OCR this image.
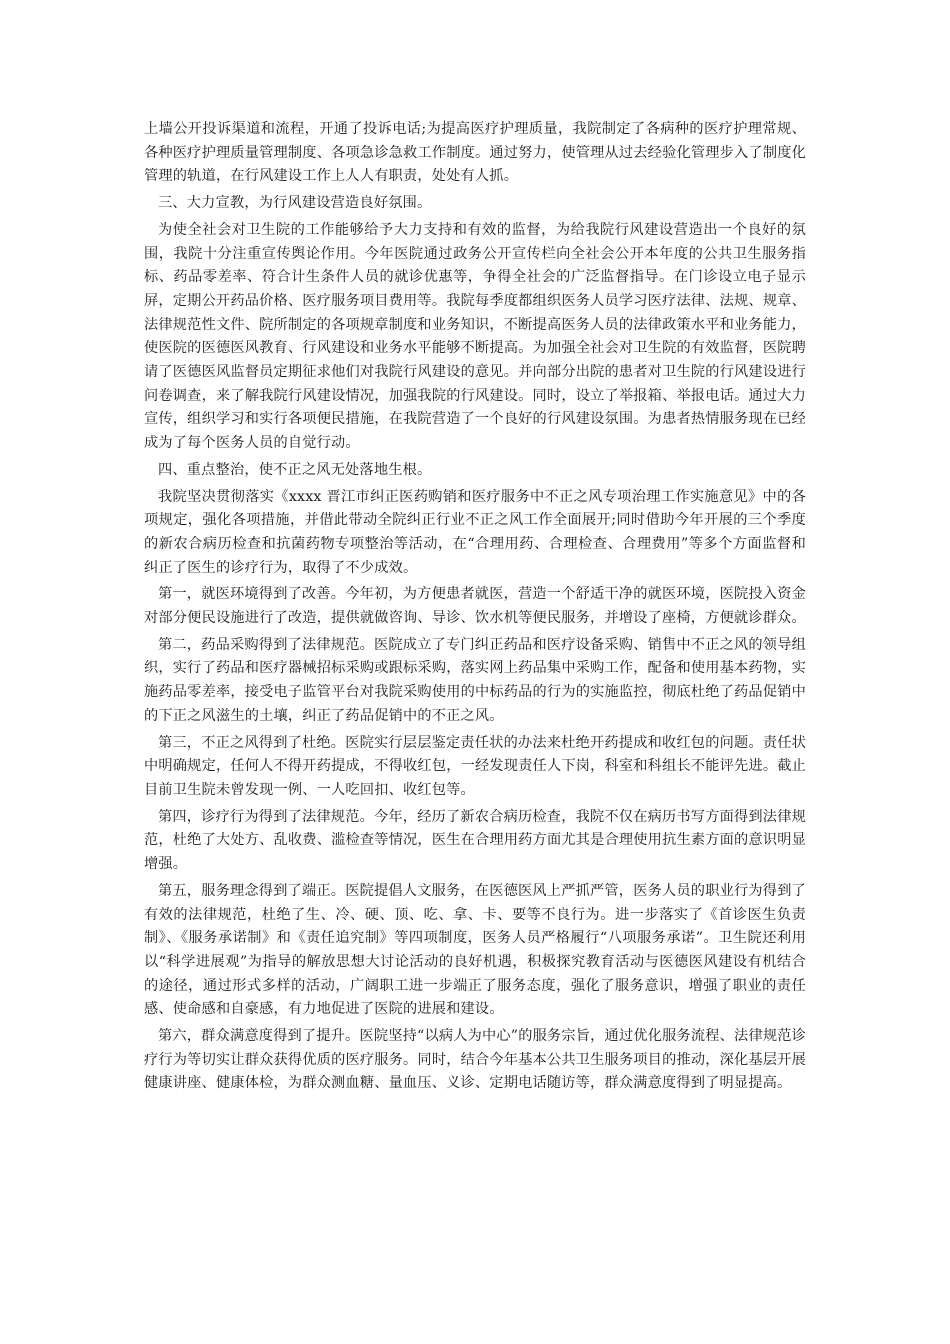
上墙公开投诉渠道和流程，开通了投诉电话;为提高医疗护理质量，我院制定了各病种的医疗护理常规、各种医疗护理质量管理制度、各项急诊急救工作制度。通过努力，使管理从过去经验化管理步入了制度化管理的轨道，在行风建设工作上人人有职责，处处有人抓。

三、大力宣教，为行风建设营造良好氛围。

为使全社会对卫生院的工作能够给予大力支持和有效的监督，为给我院行风建设营造出一个良好的氛围，我院十分注重宣传舆论作用。今年医院通过政务公开宣传栏向全社会公开本年度的公共卫生服务指标、药品零差率、符合计生条件人员的就诊优惠等，争得全社会的广泛监督指导。在门诊设立电子显示屏，定期公开药品价格、医疗服务项目费用等。我院每季度都组织医务人员学习医疗法律、法规、规章、法律规范性文件、院所制定的各项规章制度和业务知识，不断提高医务人员的法律政策水平和业务能力，使医院的医德医风教育、行风建设和业务水平能够不断提高。为加强全社会对卫生院的有效监督，医院聘请了医德医风监督员定期征求他们对我院行风建设的意见。并向部分出院的患者对卫生院的行风建设进行问卷调查，来了解我院行风建设情况，加强我院的行风建设。同时，设立了举报箱、举报电话。通过大力宣传，组织学习和实行各项便民措施，在我院营造了一个良好的行风建设氛围。为患者热情服务现在已经成为了每个医务人员的自觉行动。

四、重点整治，使不正之风无处落地生根。

我院坚决贯彻落实《xxxx 晋江市纠正医药购销和医疗服务中不正之风专项治理工作实施意见》中的各项规定，强化各项措施，并借此带动全院纠正行业不正之风工作全面展开;同时借助今年开展的三个季度的新农合病历检查和抗菌药物专项整治等活动，在“合理用药、合理检查、合理费用”等多个方面监督和纠正了医生的诊疗行为，取得了不少成效。

第一，就医环境得到了改善。今年初，为方便患者就医，营造一个舒适干净的就医环境，医院投入资金对部分便民设施进行了改造，提供就做咨询、导诊、饮水机等便民服务，并增设了座椅，方便就诊群众。

第二，药品采购得到了法律规范。医院成立了专门纠正药品和医疗设备采购、销售中不正之风的领导组织，实行了药品和医疗器械招标采购或跟标采购，落实网上药品集中采购工作，配备和使用基本药物，实施药品零差率，接受电子监管平台对我院采购使用的中标药品的行为的实施监控，彻底杜绝了药品促销中的下正之风滋生的土壤，纠正了药品促销中的不正之风。

第三，不正之风得到了杜绝。医院实行层层鉴定责任状的办法来杜绝开药提成和收红包的问题。责任状中明确规定，任何人不得开药提成，不得收红包，一经发现责任人下岗，科室和科组长不能评先进。截止目前卫生院未曾发现一例、一人吃回扣、收红包等。

第四，诊疗行为得到了法律规范。今年，经历了新农合病历检查，我院不仅在病历书写方面得到法律规范，杜绝了大处方、乱收费、滥检查等情况，医生在合理用药方面尤其是合理使用抗生素方面的意识明显增强。

第五，服务理念得到了端正。医院提倡人文服务，在医德医风上严抓严管，医务人员的职业行为得到了有效的法律规范，杜绝了生、冷、硬、顶、吃、拿、卡、要等不良行为。进一步落实了《首诊医生负责制》、《服务承诺制》和《责任追究制》等四项制度，医务人员严格履行“八项服务承诺”。卫生院还利用以“科学进展观”为指导的解放思想大讨论活动的良好机遇，积极探究教育活动与医德医风建设有机结合的途径，通过形式多样的活动，广阔职工进一步端正了服务态度，强化了服务意识，增强了职业的责任感、使命感和自豪感，有力地促进了医院的进展和建设。

第六，群众满意度得到了提升。医院坚持“以病人为中心”的服务宗旨，通过优化服务流程、法律规范诊疗行为等切实让群众获得优质的医疗服务。同时，结合今年基本公共卫生服务项目的推动，深化基层开展健康讲座、健康体检，为群众测血糖、量血压、义诊、定期电话随访等，群众满意度得到了明显提高。
